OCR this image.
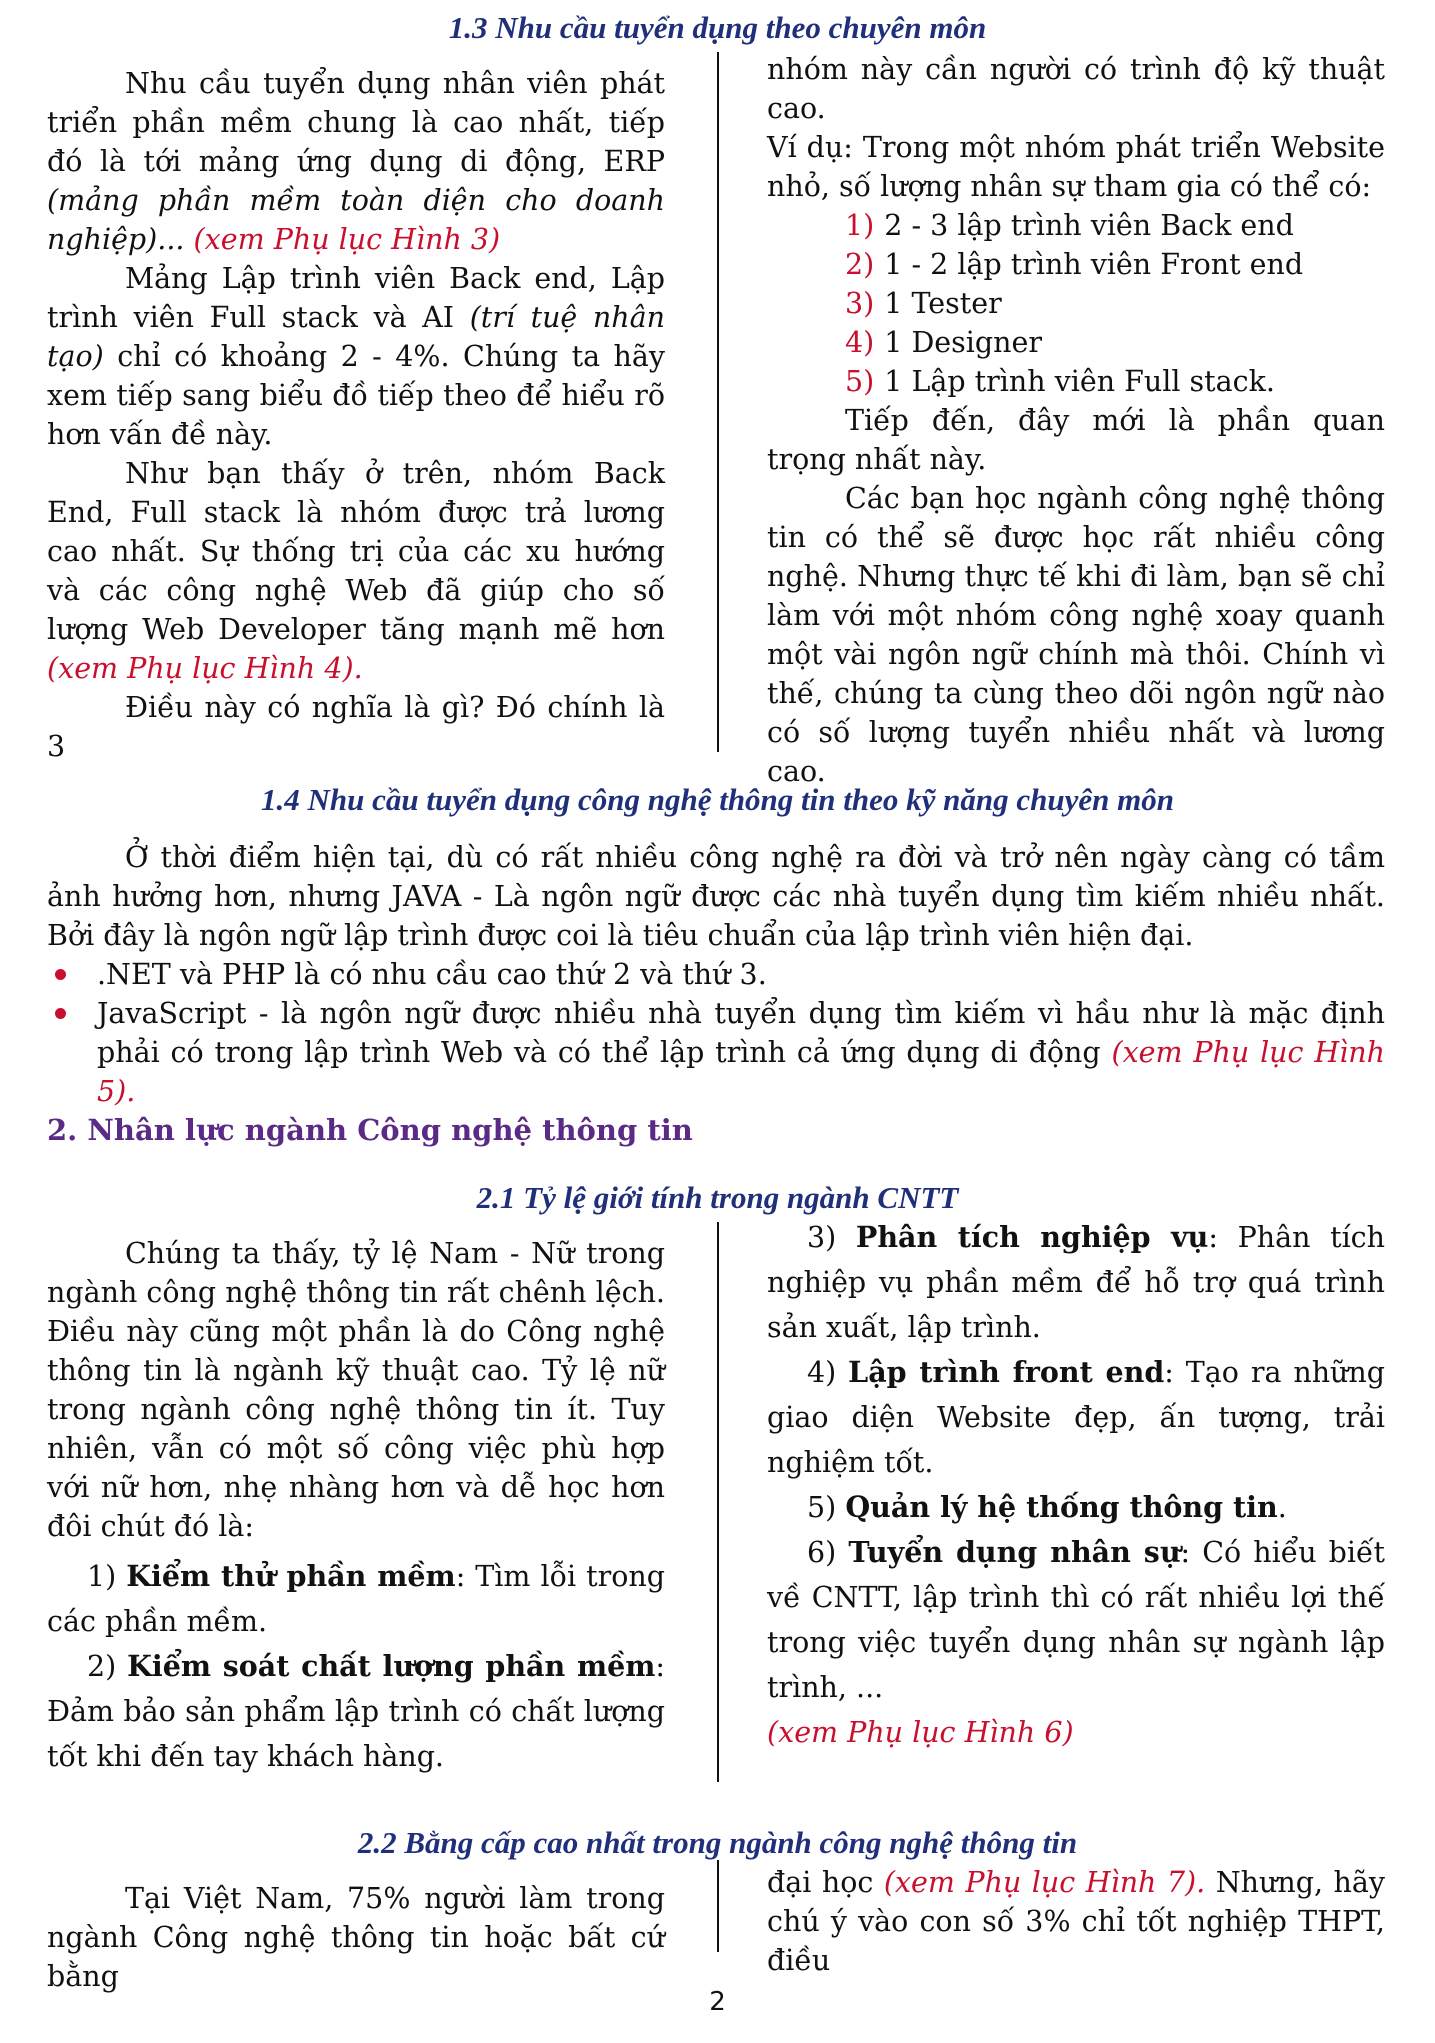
1.3 Nhu cầu tuyển dụng theo chuyên môn

Nhu cầu tuyển dụng nhân viên phát triển phần mềm chung là cao nhất, tiếp đó là tới mảng ứng dụng di động, ERP (mảng phần mềm toàn diện cho doanh nghiệp)... (xem Phụ lục Hình 3)

Mảng Lập trình viên Back end, Lập trình viên Full stack và AI (trí tuệ nhân tạo) chỉ có khoảng 2 - 4%. Chúng ta hãy xem tiếp sang biểu đồ tiếp theo để hiểu rõ hơn vấn đề này.

Như bạn thấy ở trên, nhóm Back End, Full stack là nhóm được trả lương cao nhất. Sự thống trị của các xu hướng và các công nghệ Web đã giúp cho số lượng Web Developer tăng mạnh mẽ hơn (xem Phụ lục Hình 4).

Điều này có nghĩa là gì? Đó chính là 3

nhóm này cần người có trình độ kỹ thuật cao.

Ví dụ: Trong một nhóm phát triển Website nhỏ, số lượng nhân sự tham gia có thể có:

1) 2 - 3 lập trình viên Back end
2) 1 - 2 lập trình viên Front end
3) 1 Tester
4) 1 Designer
5) 1 Lập trình viên Full stack.

Tiếp đến, đây mới là phần quan trọng nhất này.

Các bạn học ngành công nghệ thông tin có thể sẽ được học rất nhiều công nghệ. Nhưng thực tế khi đi làm, bạn sẽ chỉ làm với một nhóm công nghệ xoay quanh một vài ngôn ngữ chính mà thôi. Chính vì thế, chúng ta cùng theo dõi ngôn ngữ nào có số lượng tuyển nhiều nhất và lương cao.

1.4 Nhu cầu tuyển dụng công nghệ thông tin theo kỹ năng chuyên môn

Ở thời điểm hiện tại, dù có rất nhiều công nghệ ra đời và trở nên ngày càng có tầm ảnh hưởng hơn, nhưng JAVA - Là ngôn ngữ được các nhà tuyển dụng tìm kiếm nhiều nhất. Bởi đây là ngôn ngữ lập trình được coi là tiêu chuẩn của lập trình viên hiện đại.

.NET và PHP là có nhu cầu cao thứ 2 và thứ 3.
JavaScript - là ngôn ngữ được nhiều nhà tuyển dụng tìm kiếm vì hầu như là mặc định phải có trong lập trình Web và có thể lập trình cả ứng dụng di động (xem Phụ lục Hình 5).
2. Nhân lực ngành Công nghệ thông tin
2.1 Tỷ lệ giới tính trong ngành CNTT

Chúng ta thấy, tỷ lệ Nam - Nữ trong ngành công nghệ thông tin rất chênh lệch. Điều này cũng một phần là do Công nghệ thông tin là ngành kỹ thuật cao. Tỷ lệ nữ trong ngành công nghệ thông tin ít. Tuy nhiên, vẫn có một số công việc phù hợp với nữ hơn, nhẹ nhàng hơn và dễ học hơn đôi chút đó là:

1) Kiểm thử phần mềm: Tìm lỗi trong các phần mềm.

2) Kiểm soát chất lượng phần mềm: Đảm bảo sản phẩm lập trình có chất lượng tốt khi đến tay khách hàng.

3) Phân tích nghiệp vụ: Phân tích nghiệp vụ phần mềm để hỗ trợ quá trình sản xuất, lập trình.

4) Lập trình front end: Tạo ra những giao diện Website đẹp, ấn tượng, trải nghiệm tốt.

5) Quản lý hệ thống thông tin.

6) Tuyển dụng nhân sự: Có hiểu biết về CNTT, lập trình thì có rất nhiều lợi thế trong việc tuyển dụng nhân sự ngành lập trình, ...

(xem Phụ lục Hình 6)

2.2 Bằng cấp cao nhất trong ngành công nghệ thông tin

Tại Việt Nam, 75% người làm trong ngành Công nghệ thông tin hoặc bất cứ bằng

đại học (xem Phụ lục Hình 7). Nhưng, hãy chú ý vào con số 3% chỉ tốt nghiệp THPT, điều

2
